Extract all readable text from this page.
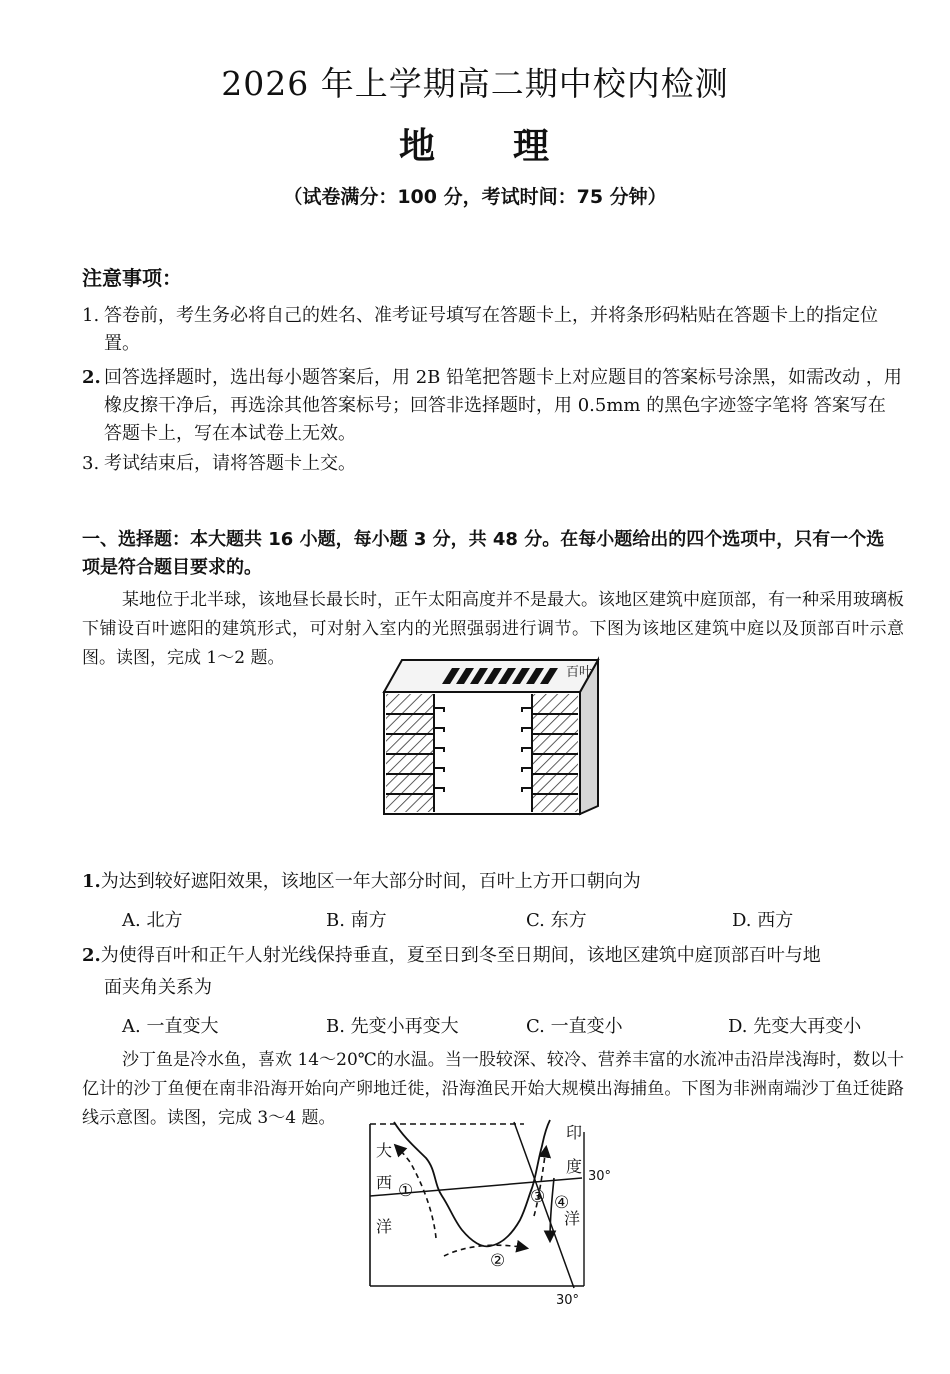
2026 年上学期高二期中校内检测
地 理
（试卷满分：100 分，考试时间：75 分钟）
注意事项：
1. 答卷前，考生务必将自己的姓名、准考证号填写在答题卡上，并将条形码粘贴在答题卡上的指定位置。
2. 回答选择题时，选出每小题答案后，用 2B 铅笔把答题卡上对应题目的答案标号涂黑，如需改动 ，用橡皮擦干净后，再选涂其他答案标号；回答非选择题时，用 0.5mm 的黑色字迹签字笔将 答案写在答题卡上，写在本试卷上无效。
3. 考试结束后，请将答题卡上交。
一、选择题：本大题共 16 小题，每小题 3 分，共 48 分。在每小题给出的四个选项中，只有一个选 项是符合题目要求的。
某地位于北半球，该地昼长最长时，正午太阳高度并不是最大。该地区建筑中庭顶部，有一种采用玻璃板下铺设百叶遮阳的建筑形式，可对射入室内的光照强弱进行调节。下图为该地区建筑中庭以及顶部百叶示意图。读图，完成 1～2 题。
百叶
1.为达到较好遮阳效果，该地区一年大部分时间，百叶上方开口朝向为
A. 北方	B. 南方	C. 东方	D. 西方
2.为使得百叶和正午人射光线保持垂直，夏至日到冬至日期间，该地区建筑中庭顶部百叶与地
面夹角关系为
A. 一直变大	B. 先变小再变大	C. 一直变小	D. 先变大再变小
沙丁鱼是冷水鱼，喜欢 14～20℃的水温。当一股较深、较冷、营养丰富的水流冲击沿岸浅海时，数以十亿计的沙丁鱼便在南非沿海开始向产卵地迁徙，沿海渔民开始大规模出海捕鱼。下图为非洲南端沙丁鱼迁徙路线示意图。读图，完成 3～4 题。
大
西
洋
印
度
洋
30°
30°
①
②
③ ④
